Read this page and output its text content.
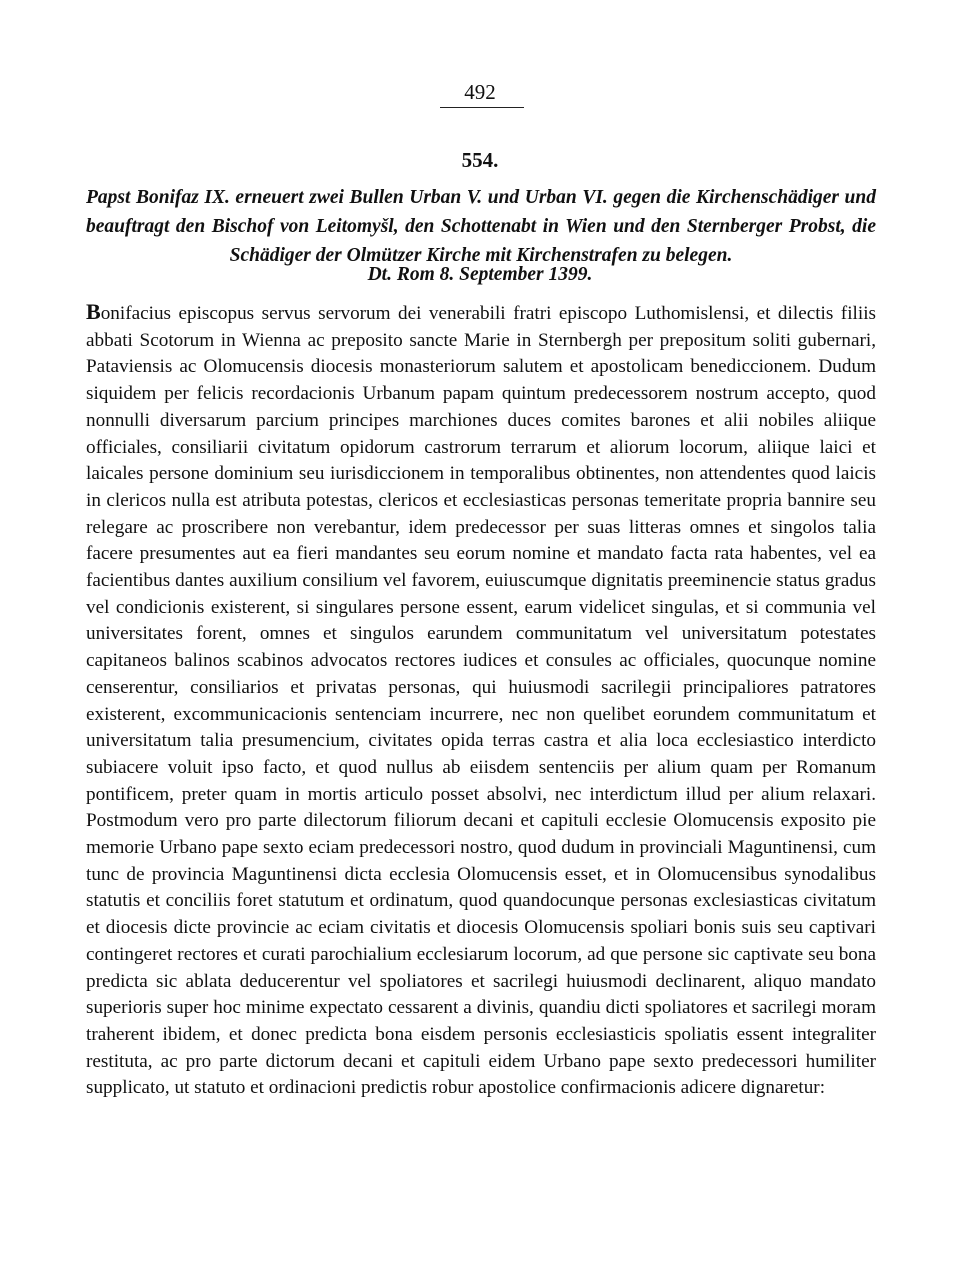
492
554.
Papst Bonifaz IX. erneuert zwei Bullen Urban V. und Urban VI. gegen die Kirchenschädiger und beauftragt den Bischof von Leitomyšl, den Schottenabt in Wien und den Sternberger Probst, die Schädiger der Olmützer Kirche mit Kirchenstrafen zu belegen.
Dt. Rom 8. September 1399.

Bonifacius episcopus servus servorum dei venerabili fratri episcopo Luthomislensi, et dilectis filiis abbati Scotorum in Wienna ac preposito sancte Marie in Sternbergh per prepositum soliti gubernari, Pataviensis ac Olomucensis diocesis monasteriorum salutem et apostolicam benediccionem. Dudum siquidem per felicis recordacionis Urbanum papam quintum predecessorem nostrum accepto, quod nonnulli diversarum parcium principes marchiones duces comites barones et alii nobiles aliique officiales, consiliarii civitatum opidorum castrorum terrarum et aliorum locorum, aliique laici et laicales persone dominium seu iurisdiccionem in temporalibus obtinentes, non attendentes quod laicis in clericos nulla est atributa potestas, clericos et ecclesiasticas personas temeritate propria bannire seu relegare ac proscribere non verebantur, idem predecessor per suas litteras omnes et singolos talia facere presumentes aut ea fieri mandantes seu eorum nomine et mandato facta rata habentes, vel ea facientibus dantes auxilium consilium vel favorem, euiuscumque dignitatis preeminencie status gradus vel condicionis existerent, si singulares persone essent, earum videlicet singulas, et si communia vel universitates forent, omnes et singulos earundem communitatum vel universitatum potestates capitaneos balinos scabinos advocatos rectores iudices et consules ac officiales, quocunque nomine censerentur, consiliarios et privatas personas, qui huiusmodi sacrilegii principaliores patratores existerent, excommunicacionis sentenciam incurrere, nec non quelibet eorundem communitatum et universitatum talia presumencium, civitates opida terras castra et alia loca ecclesiastico interdicto subiacere voluit ipso facto, et quod nullus ab eiisdem sentenciis per alium quam per Romanum pontificem, preter quam in mortis articulo posset absolvi, nec interdictum illud per alium relaxari. Postmodum vero pro parte dilectorum filiorum decani et capituli ecclesie Olomucensis exposito pie memorie Urbano pape sexto eciam predecessori nostro, quod dudum in provinciali Maguntinensi, cum tunc de provincia Maguntinensi dicta ecclesia Olomucensis esset, et in Olomucensibus synodalibus statutis et conciliis foret statutum et ordinatum, quod quandocunque personas exclesiasticas civitatum et diocesis dicte provincie ac eciam civitatis et diocesis Olomucensis spoliari bonis suis seu captivari contingeret rectores et curati parochialium ecclesiarum locorum, ad que persone sic captivate seu bona predicta sic ablata deducerentur vel spoliatores et sacrilegi huiusmodi declinarent, aliquo mandato superioris super hoc minime expectato cessarent a divinis, quandiu dicti spoliatores et sacrilegi moram traherent ibidem, et donec predicta bona eisdem personis ecclesiasticis spoliatis essent integraliter restituta, ac pro parte dictorum decani et capituli eidem Urbano pape sexto predecessori humiliter supplicato, ut statuto et ordinacioni predictis robur apostolice confirmacionis adicere dignaretur:
